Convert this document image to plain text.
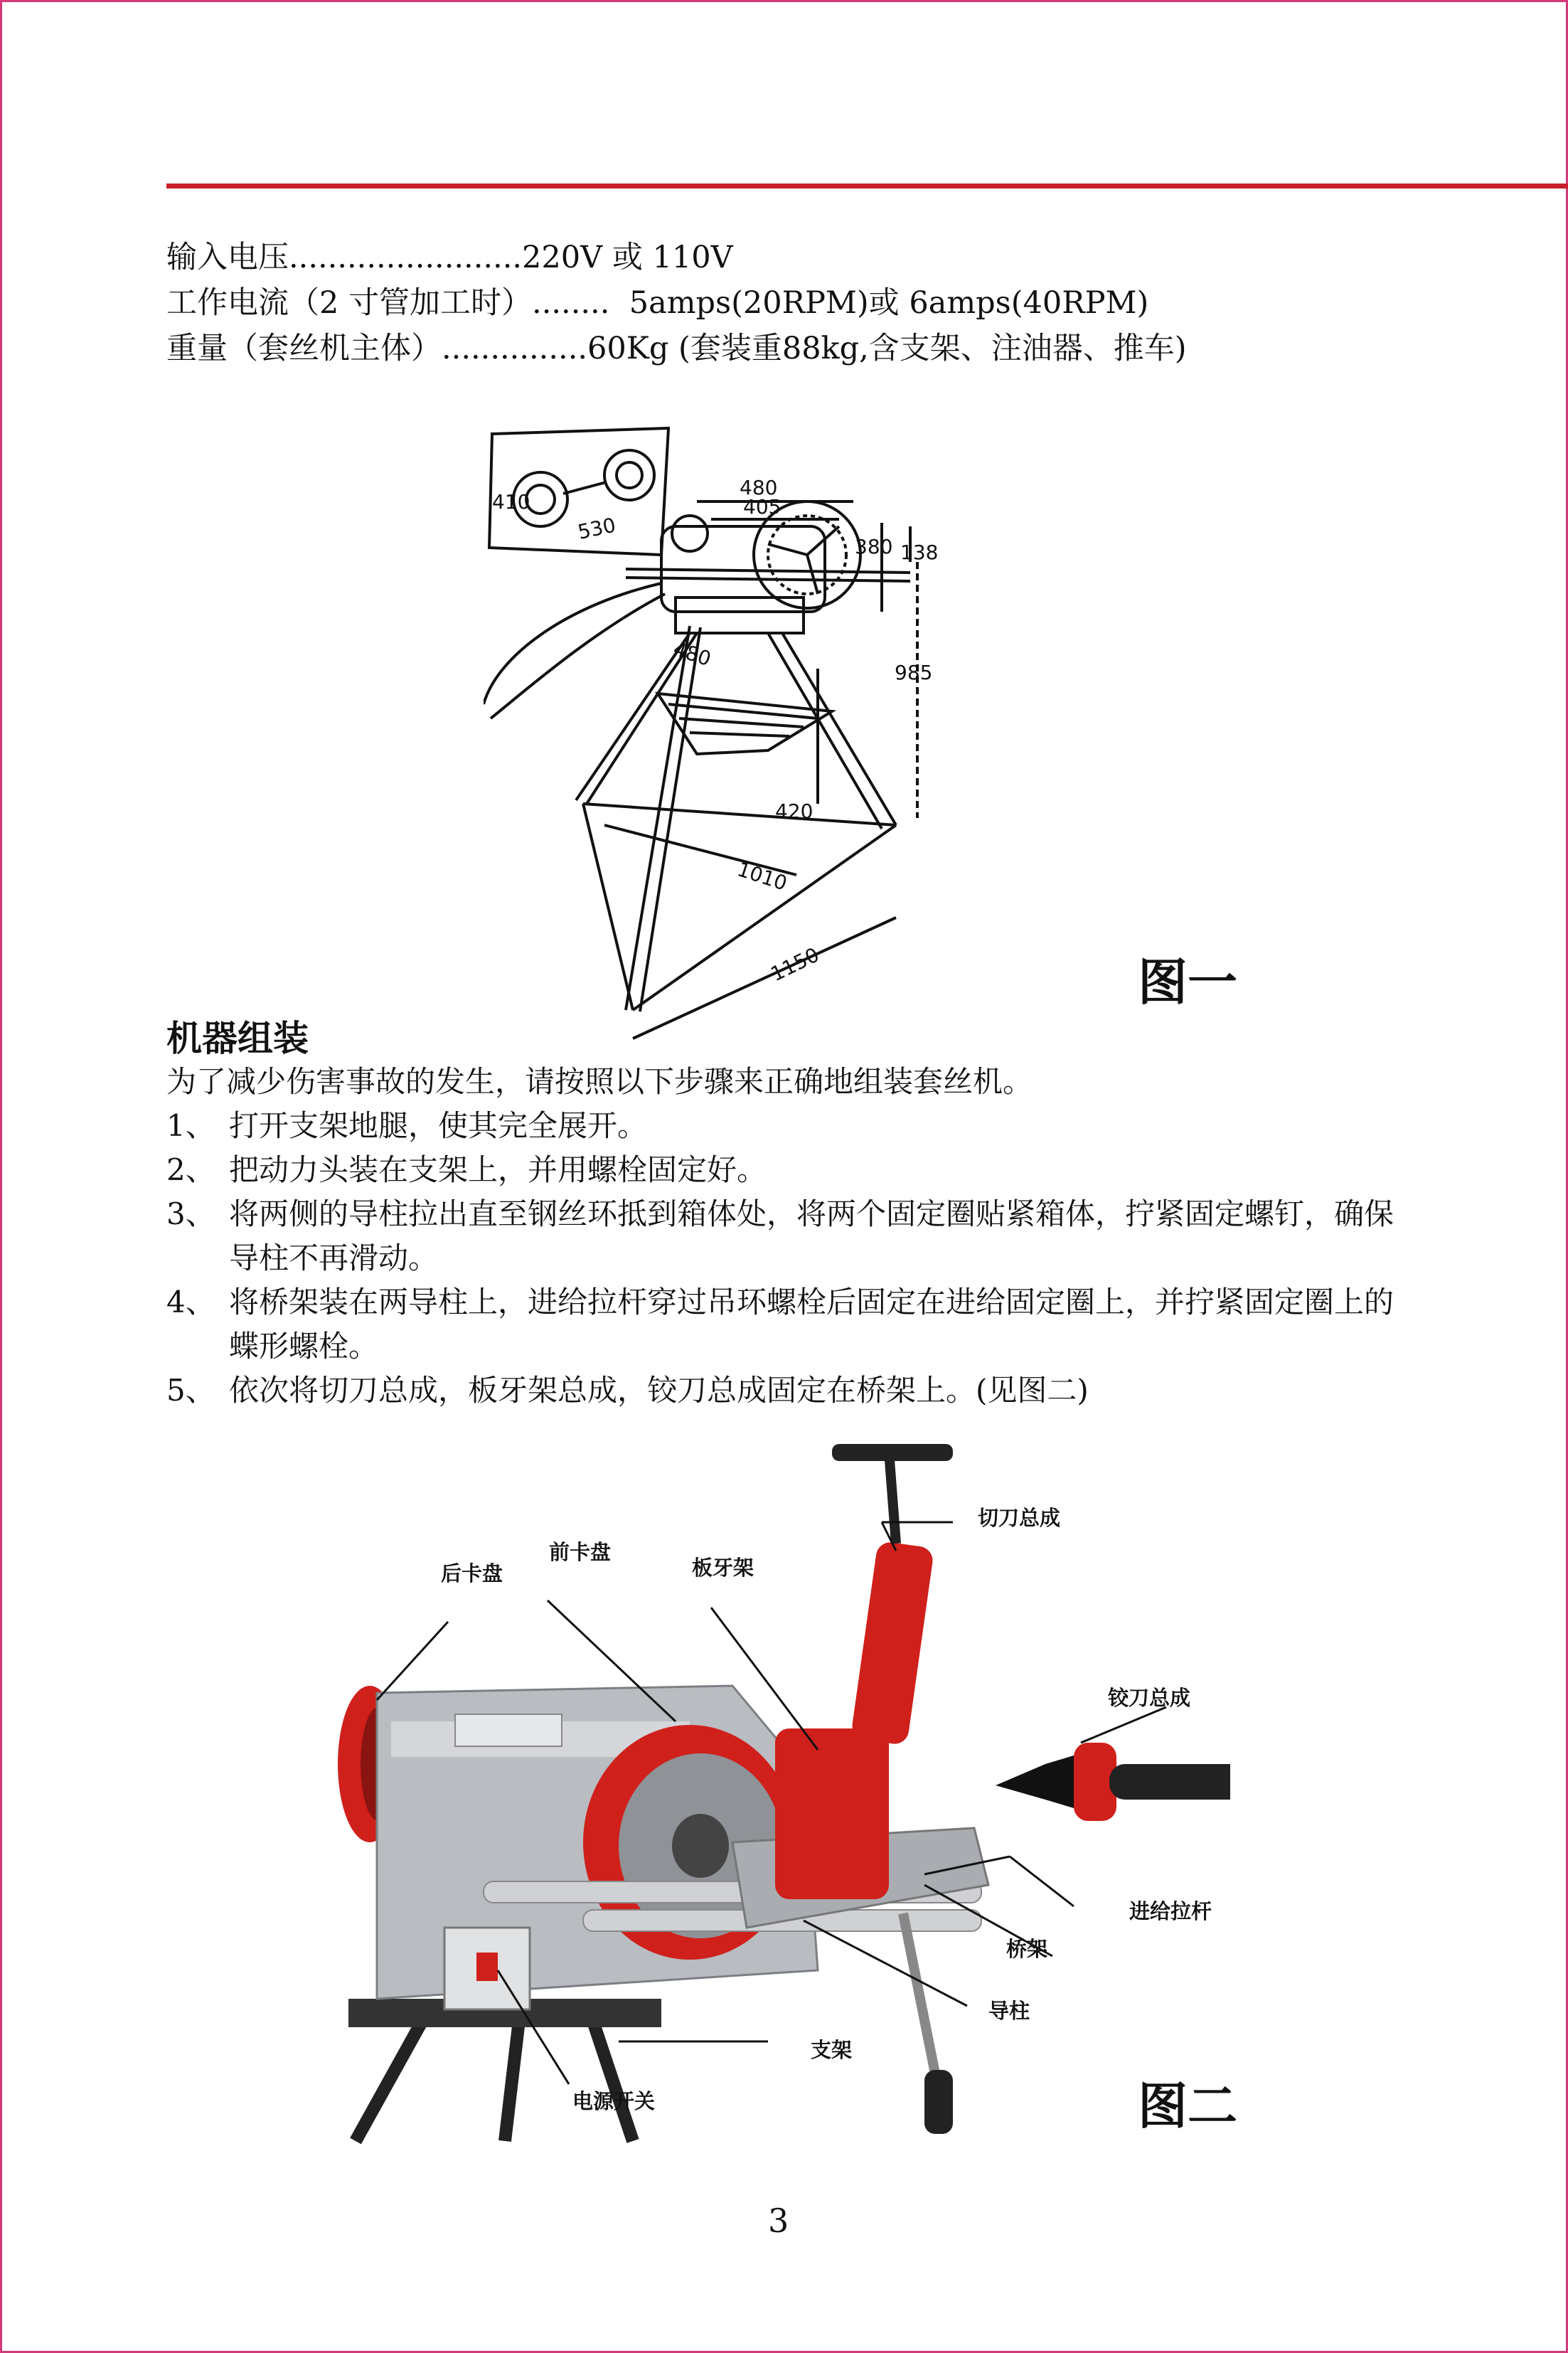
输入电压........................220V 或 110V
工作电流（2 寸管加工时）........  5amps(20RPM)或 6amps(40RPM)
重量（套丝机主体）...............60Kg (套装重88kg,含支架、注油器、推车)
480
405
410
530
380 138
480
985
420
1010
1150	图一
机器组装
为了减少伤害事故的发生，请按照以下步骤来正确地组装套丝机。
1、 打开支架地腿，使其完全展开。
2、 把动力头装在支架上，并用螺栓固定好。
3、 将两侧的导柱拉出直至钢丝环抵到箱体处，将两个固定圈贴紧箱体，拧紧固定螺钉，确保导柱不再滑动。
4、 将桥架装在两导柱上，进给拉杆穿过吊环螺栓后固定在进给固定圈上，并拧紧固定圈上的蝶形螺栓。
5、 依次将切刀总成，板牙架总成，铰刀总成固定在桥架上。(见图二)
后卡盘
前卡盘
板牙架
切刀总成
铰刀总成
进给拉杆
桥架
导柱
支架
电源开关	图二
3
